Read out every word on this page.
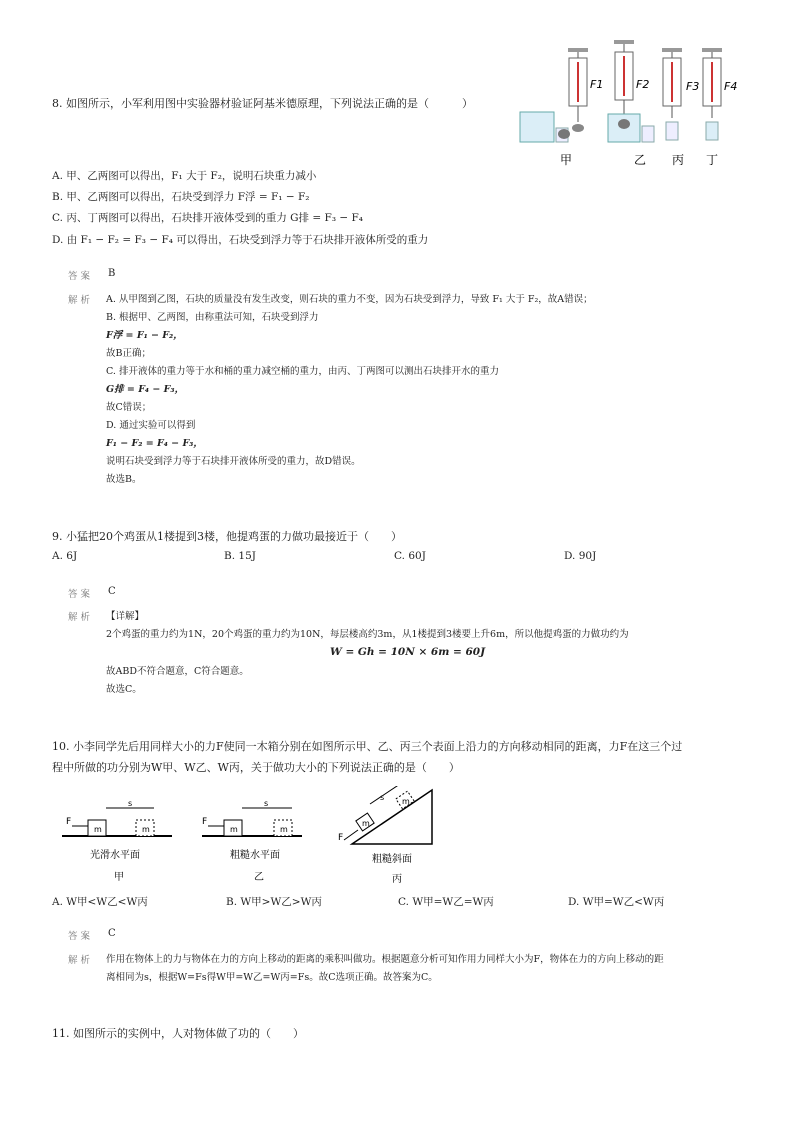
8. 如图所示，小军利用图中实验器材验证阿基米德原理，下列说法正确的是（　　　）
F1	F2	F3 F4
甲	乙 丙 丁
A. 甲、乙两图可以得出，F₁ 大于 F₂，说明石块重力减小
B. 甲、乙两图可以得出，石块受到浮力 F浮 = F₁ − F₂
C. 丙、丁两图可以得出，石块排开液体受到的重力 G排 = F₃ − F₄
D. 由 F₁ − F₂ = F₃ − F₄ 可以得出，石块受到浮力等于石块排开液体所受的重力
答案 B
解析 A. 从甲图到乙图，石块的质量没有发生改变，则石块的重力不变，因为石块受到浮力，导致 F₁ 大于 F₂，故A错误；
B. 根据甲、乙两图，由称重法可知，石块受到浮力
F浮 = F₁ − F₂，
故B正确；
C. 排开液体的重力等于水和桶的重力减空桶的重力，由丙、丁两图可以测出石块排开水的重力
G排 = F₄ − F₃，
故C错误；
D. 通过实验可以得到
F₁ − F₂ = F₄ − F₃，
说明石块受到浮力等于石块排开液体所受的重力，故D错误。
故选B。
9. 小猛把20个鸡蛋从1楼提到3楼，他提鸡蛋的力做功最接近于（　　）
A. 6J	B. 15J	C. 60J	D. 90J
答案 C
解析 【详解】
2个鸡蛋的重力约为1N，20个鸡蛋的重力约为10N，每层楼高约3m，从1楼提到3楼要上升6m，所以他提鸡蛋的力做功约为
W = Gh = 10N × 6m = 60J
故ABD不符合题意，C符合题意。
故选C。
10. 小李同学先后用同样大小的力F使同一木箱分别在如图所示甲、乙、丙三个表面上沿力的方向移动相同的距离，力F在这三个过
程中所做的功分别为W甲、W乙、W丙，关于做功大小的下列说法正确的是（　　）
F
m	m
s
F
m	m
s
F
m
m
s
光滑水平面	粗糙水平面	粗糙斜面
甲	乙	丙
A. W甲<W乙<W丙	B. W甲>W乙>W丙	C. W甲=W乙=W丙	D. W甲=W乙<W丙
答案 C
解析 作用在物体上的力与物体在力的方向上移动的距离的乘积叫做功。根据题意分析可知作用力同样大小为F，物体在力的方向上移动的距
离相同为s，根据W=Fs得W甲=W乙=W丙=Fs。故C选项正确。故答案为C。
11. 如图所示的实例中，人对物体做了功的（　　）
